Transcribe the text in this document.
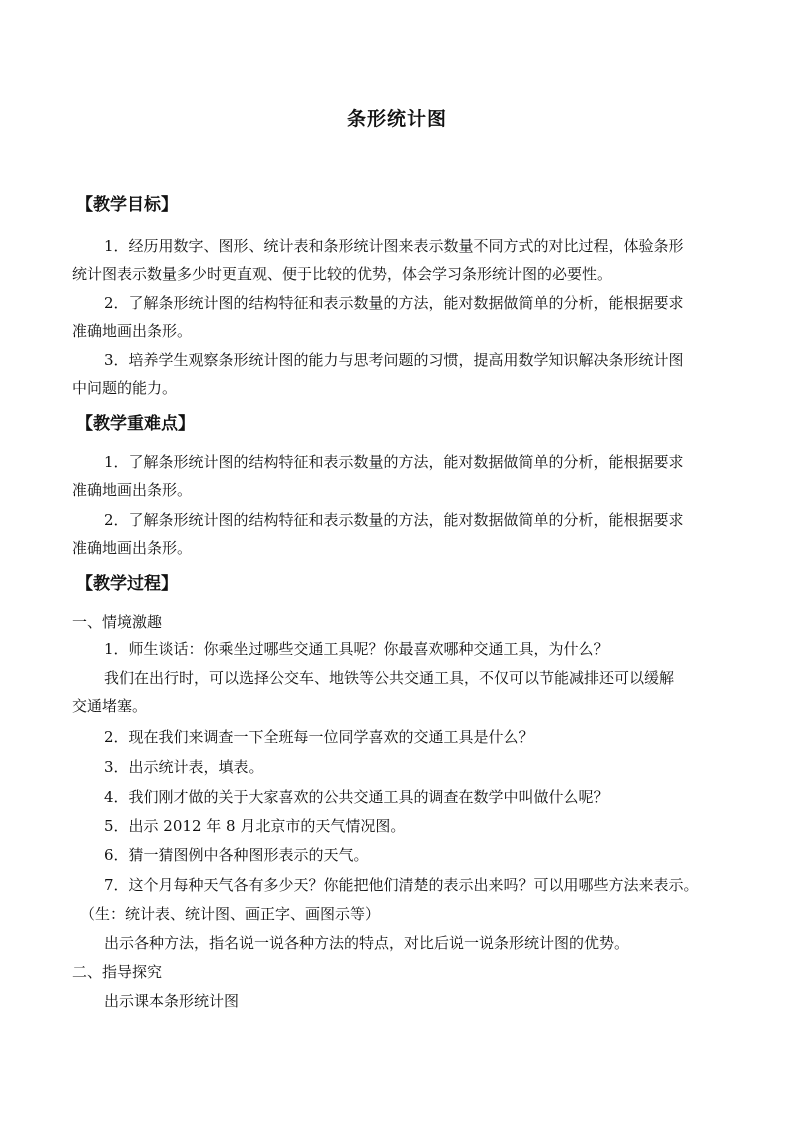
条形统计图
【教学目标】
1．经历用数字、图形、统计表和条形统计图来表示数量不同方式的对比过程，体验条形
统计图表示数量多少时更直观、便于比较的优势，体会学习条形统计图的必要性。
2．了解条形统计图的结构特征和表示数量的方法，能对数据做简单的分析，能根据要求
准确地画出条形。
3．培养学生观察条形统计图的能力与思考问题的习惯，提高用数学知识解决条形统计图
中问题的能力。
【教学重难点】
1．了解条形统计图的结构特征和表示数量的方法，能对数据做简单的分析，能根据要求
准确地画出条形。
2．了解条形统计图的结构特征和表示数量的方法，能对数据做简单的分析，能根据要求
准确地画出条形。
【教学过程】
一、情境激趣
1．师生谈话：你乘坐过哪些交通工具呢？你最喜欢哪种交通工具，为什么？
我们在出行时，可以选择公交车、地铁等公共交通工具，不仅可以节能减排还可以缓解
交通堵塞。
2．现在我们来调查一下全班每一位同学喜欢的交通工具是什么？
3．出示统计表，填表。
4．我们刚才做的关于大家喜欢的公共交通工具的调查在数学中叫做什么呢？
5．出示 2012 年 8 月北京市的天气情况图。
6．猜一猜图例中各种图形表示的天气。
7．这个月每种天气各有多少天？你能把他们清楚的表示出来吗？可以用哪些方法来表示。
（生：统计表、统计图、画正字、画图示等）
出示各种方法，指名说一说各种方法的特点，对比后说一说条形统计图的优势。
二、指导探究
出示课本条形统计图
